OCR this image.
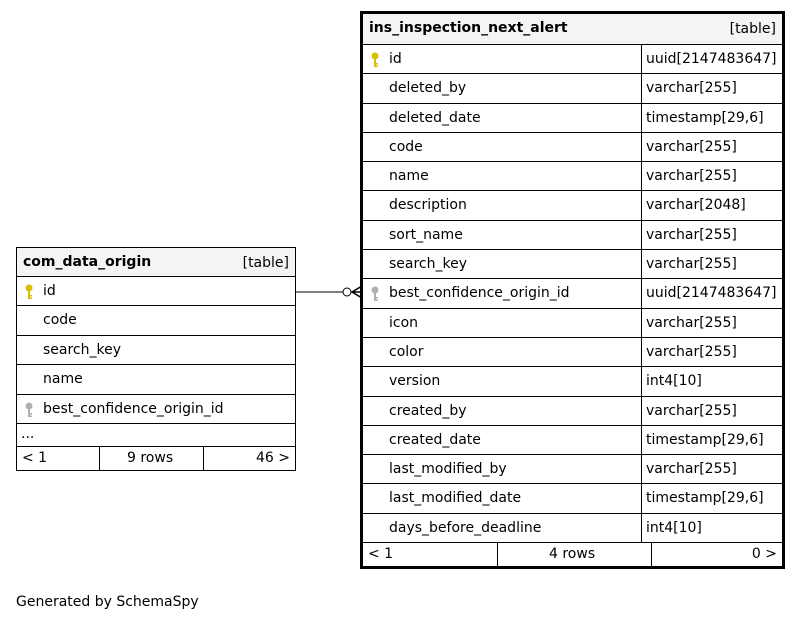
com_data_origin	[table]
id
code
search_key
name
best_confidence_origin_id
...
< 1	9 rows	46 >
ins_inspection_next_alert	[table]
id	uuid[2147483647]
deleted_by	varchar[255]
deleted_date	timestamp[29,6]
code	varchar[255]
name	varchar[255]
description	varchar[2048]
sort_name	varchar[255]
search_key	varchar[255]
best_confidence_origin_id	uuid[2147483647]
icon	varchar[255]
color	varchar[255]
version	int4[10]
created_by	varchar[255]
created_date	timestamp[29,6]
last_modified_by	varchar[255]
last_modified_date	timestamp[29,6]
days_before_deadline	int4[10]
< 1	4 rows	0 >
Generated by SchemaSpy
